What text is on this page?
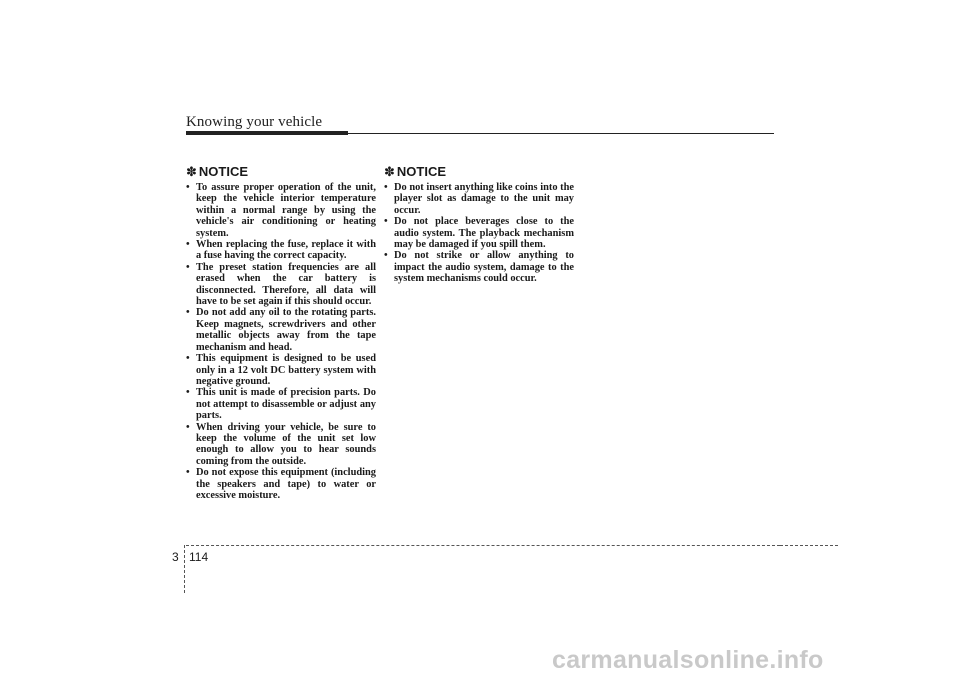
Knowing your vehicle
✽ NOTICE
• To assure proper operation of the unit, keep the vehicle interior temperature within a normal range by using the vehicle's air conditioning or heating system.
• When replacing the fuse, replace it with a fuse having the correct capacity.
• The preset station frequencies are all erased when the car battery is disconnected. Therefore, all data will have to be set again if this should occur.
• Do not add any oil to the rotating parts. Keep magnets, screwdrivers and other metallic objects away from the tape mechanism and head.
• This equipment is designed to be used only in a 12 volt DC battery system with negative ground.
• This unit is made of precision parts. Do not attempt to disassemble or adjust any parts.
• When driving your vehicle, be sure to keep the volume of the unit set low enough to allow you to hear sounds coming from the outside.
• Do not expose this equipment (including the speakers and tape) to water or excessive moisture.
✽ NOTICE
• Do not insert anything like coins into the player slot as damage to the unit may occur.
• Do not place beverages close to the audio system. The playback mechanism may be damaged if you spill them.
• Do not strike or allow anything to impact the audio system, damage to the system mechanisms could occur.
3 114
carmanualsonline.info
